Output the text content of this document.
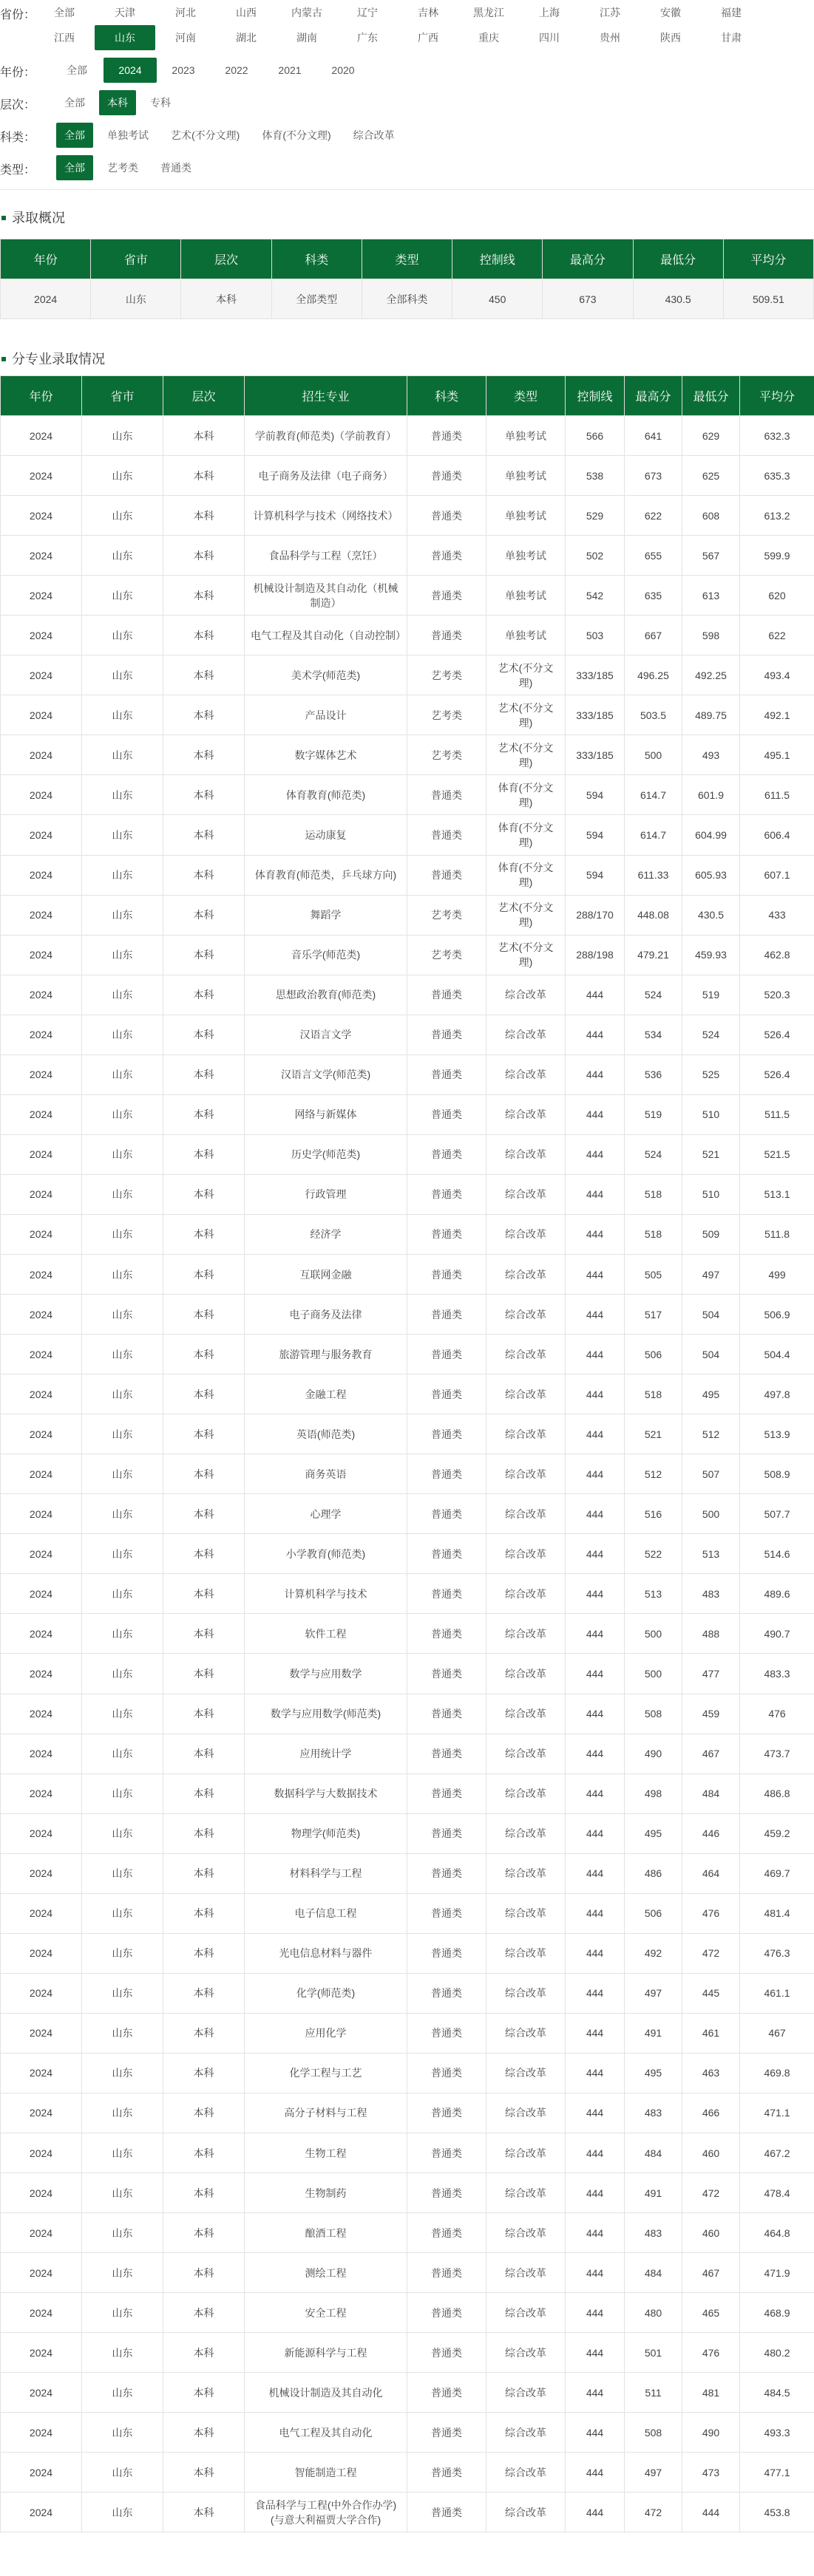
省份：	全部	天津	河北	山西	内蒙古	辽宁	吉林	黑龙江	上海	江苏	安徽	福建
江西	山东	河南	湖北	湖南	广东	广西	重庆	四川	贵州	陕西	甘肃
年份：	全部	2024	2023	2022	2021	2020
层次：	全部	本科	专科
科类：	全部	单独考试	艺术(不分文理)	体育(不分文理)	综合改革
类型：	全部	艺考类	普通类
录取概况
年份	省市	层次	科类	类型	控制线	最高分	最低分	平均分
2024	山东	本科	全部类型	全部科类	450	673	430.5	509.51
分专业录取情况
年份	省市	层次	招生专业	科类	类型	控制线	最高分	最低分	平均分
2024	山东	本科	学前教育(师范类)（学前教育）	普通类	单独考试	566	641	629	632.3
2024	山东	本科	电子商务及法律（电子商务）	普通类	单独考试	538	673	625	635.3
2024	山东	本科	计算机科学与技术（网络技术）	普通类	单独考试	529	622	608	613.2
2024	山东	本科	食品科学与工程（烹饪）	普通类	单独考试	502	655	567	599.9
2024	山东	本科	机械设计制造及其自动化（机械制造）	普通类	单独考试	542	635	613	620
2024	山东	本科	电气工程及其自动化（自动控制）	普通类	单独考试	503	667	598	622
2024	山东	本科	美术学(师范类)	艺考类	艺术(不分文理)	333/185	496.25	492.25	493.4
2024	山东	本科	产品设计	艺考类	艺术(不分文理)	333/185	503.5	489.75	492.1
2024	山东	本科	数字媒体艺术	艺考类	艺术(不分文理)	333/185	500	493	495.1
2024	山东	本科	体育教育(师范类)	普通类	体育(不分文理)	594	614.7	601.9	611.5
2024	山东	本科	运动康复	普通类	体育(不分文理)	594	614.7	604.99	606.4
2024	山东	本科	体育教育(师范类，乒乓球方向)	普通类	体育(不分文理)	594	611.33	605.93	607.1
2024	山东	本科	舞蹈学	艺考类	艺术(不分文理)	288/170	448.08	430.5	433
2024	山东	本科	音乐学(师范类)	艺考类	艺术(不分文理)	288/198	479.21	459.93	462.8
2024	山东	本科	思想政治教育(师范类)	普通类	综合改革	444	524	519	520.3
2024	山东	本科	汉语言文学	普通类	综合改革	444	534	524	526.4
2024	山东	本科	汉语言文学(师范类)	普通类	综合改革	444	536	525	526.4
2024	山东	本科	网络与新媒体	普通类	综合改革	444	519	510	511.5
2024	山东	本科	历史学(师范类)	普通类	综合改革	444	524	521	521.5
2024	山东	本科	行政管理	普通类	综合改革	444	518	510	513.1
2024	山东	本科	经济学	普通类	综合改革	444	518	509	511.8
2024	山东	本科	互联网金融	普通类	综合改革	444	505	497	499
2024	山东	本科	电子商务及法律	普通类	综合改革	444	517	504	506.9
2024	山东	本科	旅游管理与服务教育	普通类	综合改革	444	506	504	504.4
2024	山东	本科	金融工程	普通类	综合改革	444	518	495	497.8
2024	山东	本科	英语(师范类)	普通类	综合改革	444	521	512	513.9
2024	山东	本科	商务英语	普通类	综合改革	444	512	507	508.9
2024	山东	本科	心理学	普通类	综合改革	444	516	500	507.7
2024	山东	本科	小学教育(师范类)	普通类	综合改革	444	522	513	514.6
2024	山东	本科	计算机科学与技术	普通类	综合改革	444	513	483	489.6
2024	山东	本科	软件工程	普通类	综合改革	444	500	488	490.7
2024	山东	本科	数学与应用数学	普通类	综合改革	444	500	477	483.3
2024	山东	本科	数学与应用数学(师范类)	普通类	综合改革	444	508	459	476
2024	山东	本科	应用统计学	普通类	综合改革	444	490	467	473.7
2024	山东	本科	数据科学与大数据技术	普通类	综合改革	444	498	484	486.8
2024	山东	本科	物理学(师范类)	普通类	综合改革	444	495	446	459.2
2024	山东	本科	材料科学与工程	普通类	综合改革	444	486	464	469.7
2024	山东	本科	电子信息工程	普通类	综合改革	444	506	476	481.4
2024	山东	本科	光电信息材料与器件	普通类	综合改革	444	492	472	476.3
2024	山东	本科	化学(师范类)	普通类	综合改革	444	497	445	461.1
2024	山东	本科	应用化学	普通类	综合改革	444	491	461	467
2024	山东	本科	化学工程与工艺	普通类	综合改革	444	495	463	469.8
2024	山东	本科	高分子材料与工程	普通类	综合改革	444	483	466	471.1
2024	山东	本科	生物工程	普通类	综合改革	444	484	460	467.2
2024	山东	本科	生物制药	普通类	综合改革	444	491	472	478.4
2024	山东	本科	酿酒工程	普通类	综合改革	444	483	460	464.8
2024	山东	本科	测绘工程	普通类	综合改革	444	484	467	471.9
2024	山东	本科	安全工程	普通类	综合改革	444	480	465	468.9
2024	山东	本科	新能源科学与工程	普通类	综合改革	444	501	476	480.2
2024	山东	本科	机械设计制造及其自动化	普通类	综合改革	444	511	481	484.5
2024	山东	本科	电气工程及其自动化	普通类	综合改革	444	508	490	493.3
2024	山东	本科	智能制造工程	普通类	综合改革	444	497	473	477.1
2024	山东	本科	食品科学与工程(中外合作办学)(与意大利福贾大学合作)	普通类	综合改革	444	472	444	453.8
